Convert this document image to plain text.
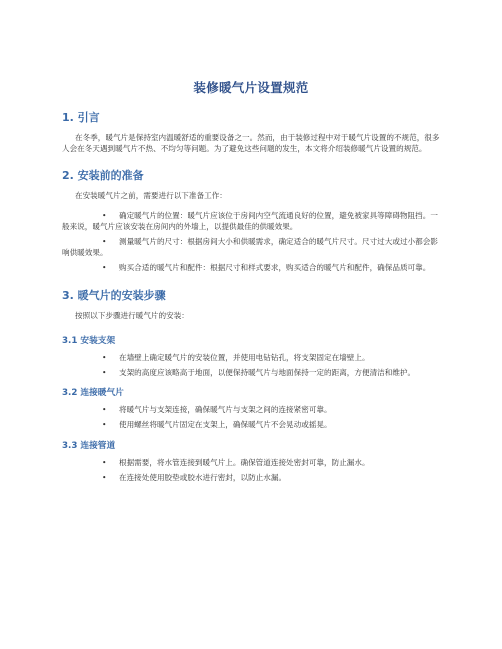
装修暖气片设置规范
1. 引言

在冬季，暖气片是保持室内温暖舒适的重要设备之一。然而，由于装修过程中对于暖气片设置的不规范，很多人会在冬天遇到暖气片不热、不均匀等问题。为了避免这些问题的发生，本文将介绍装修暖气片设置的规范。

2. 安装前的准备

在安装暖气片之前，需要进行以下准备工作：

•	确定暖气片的位置：暖气片应该位于房间内空气流通良好的位置，避免被家具等障碍物阻挡。一般来说，暖气片应该安装在房间内的外墙上，以提供最佳的供暖效果。
•	测量暖气片的尺寸：根据房间大小和供暖需求，确定适合的暖气片尺寸。尺寸过大或过小都会影响供暖效果。
•	购买合适的暖气片和配件：根据尺寸和样式要求，购买适合的暖气片和配件，确保品质可靠。
3. 暖气片的安装步骤

按照以下步骤进行暖气片的安装：

3.1 安装支架
•	在墙壁上确定暖气片的安装位置，并使用电钻钻孔，将支架固定在墙壁上。
•	支架的高度应该略高于地面，以便保持暖气片与地面保持一定的距离，方便清洁和维护。
3.2 连接暖气片
•	将暖气片与支架连接，确保暖气片与支架之间的连接紧密可靠。
•	使用螺丝将暖气片固定在支架上，确保暖气片不会晃动或摇晃。
3.3 连接管道
•	根据需要，将水管连接到暖气片上。确保管道连接处密封可靠，防止漏水。
•	在连接处使用胶垫或胶水进行密封，以防止水漏。
